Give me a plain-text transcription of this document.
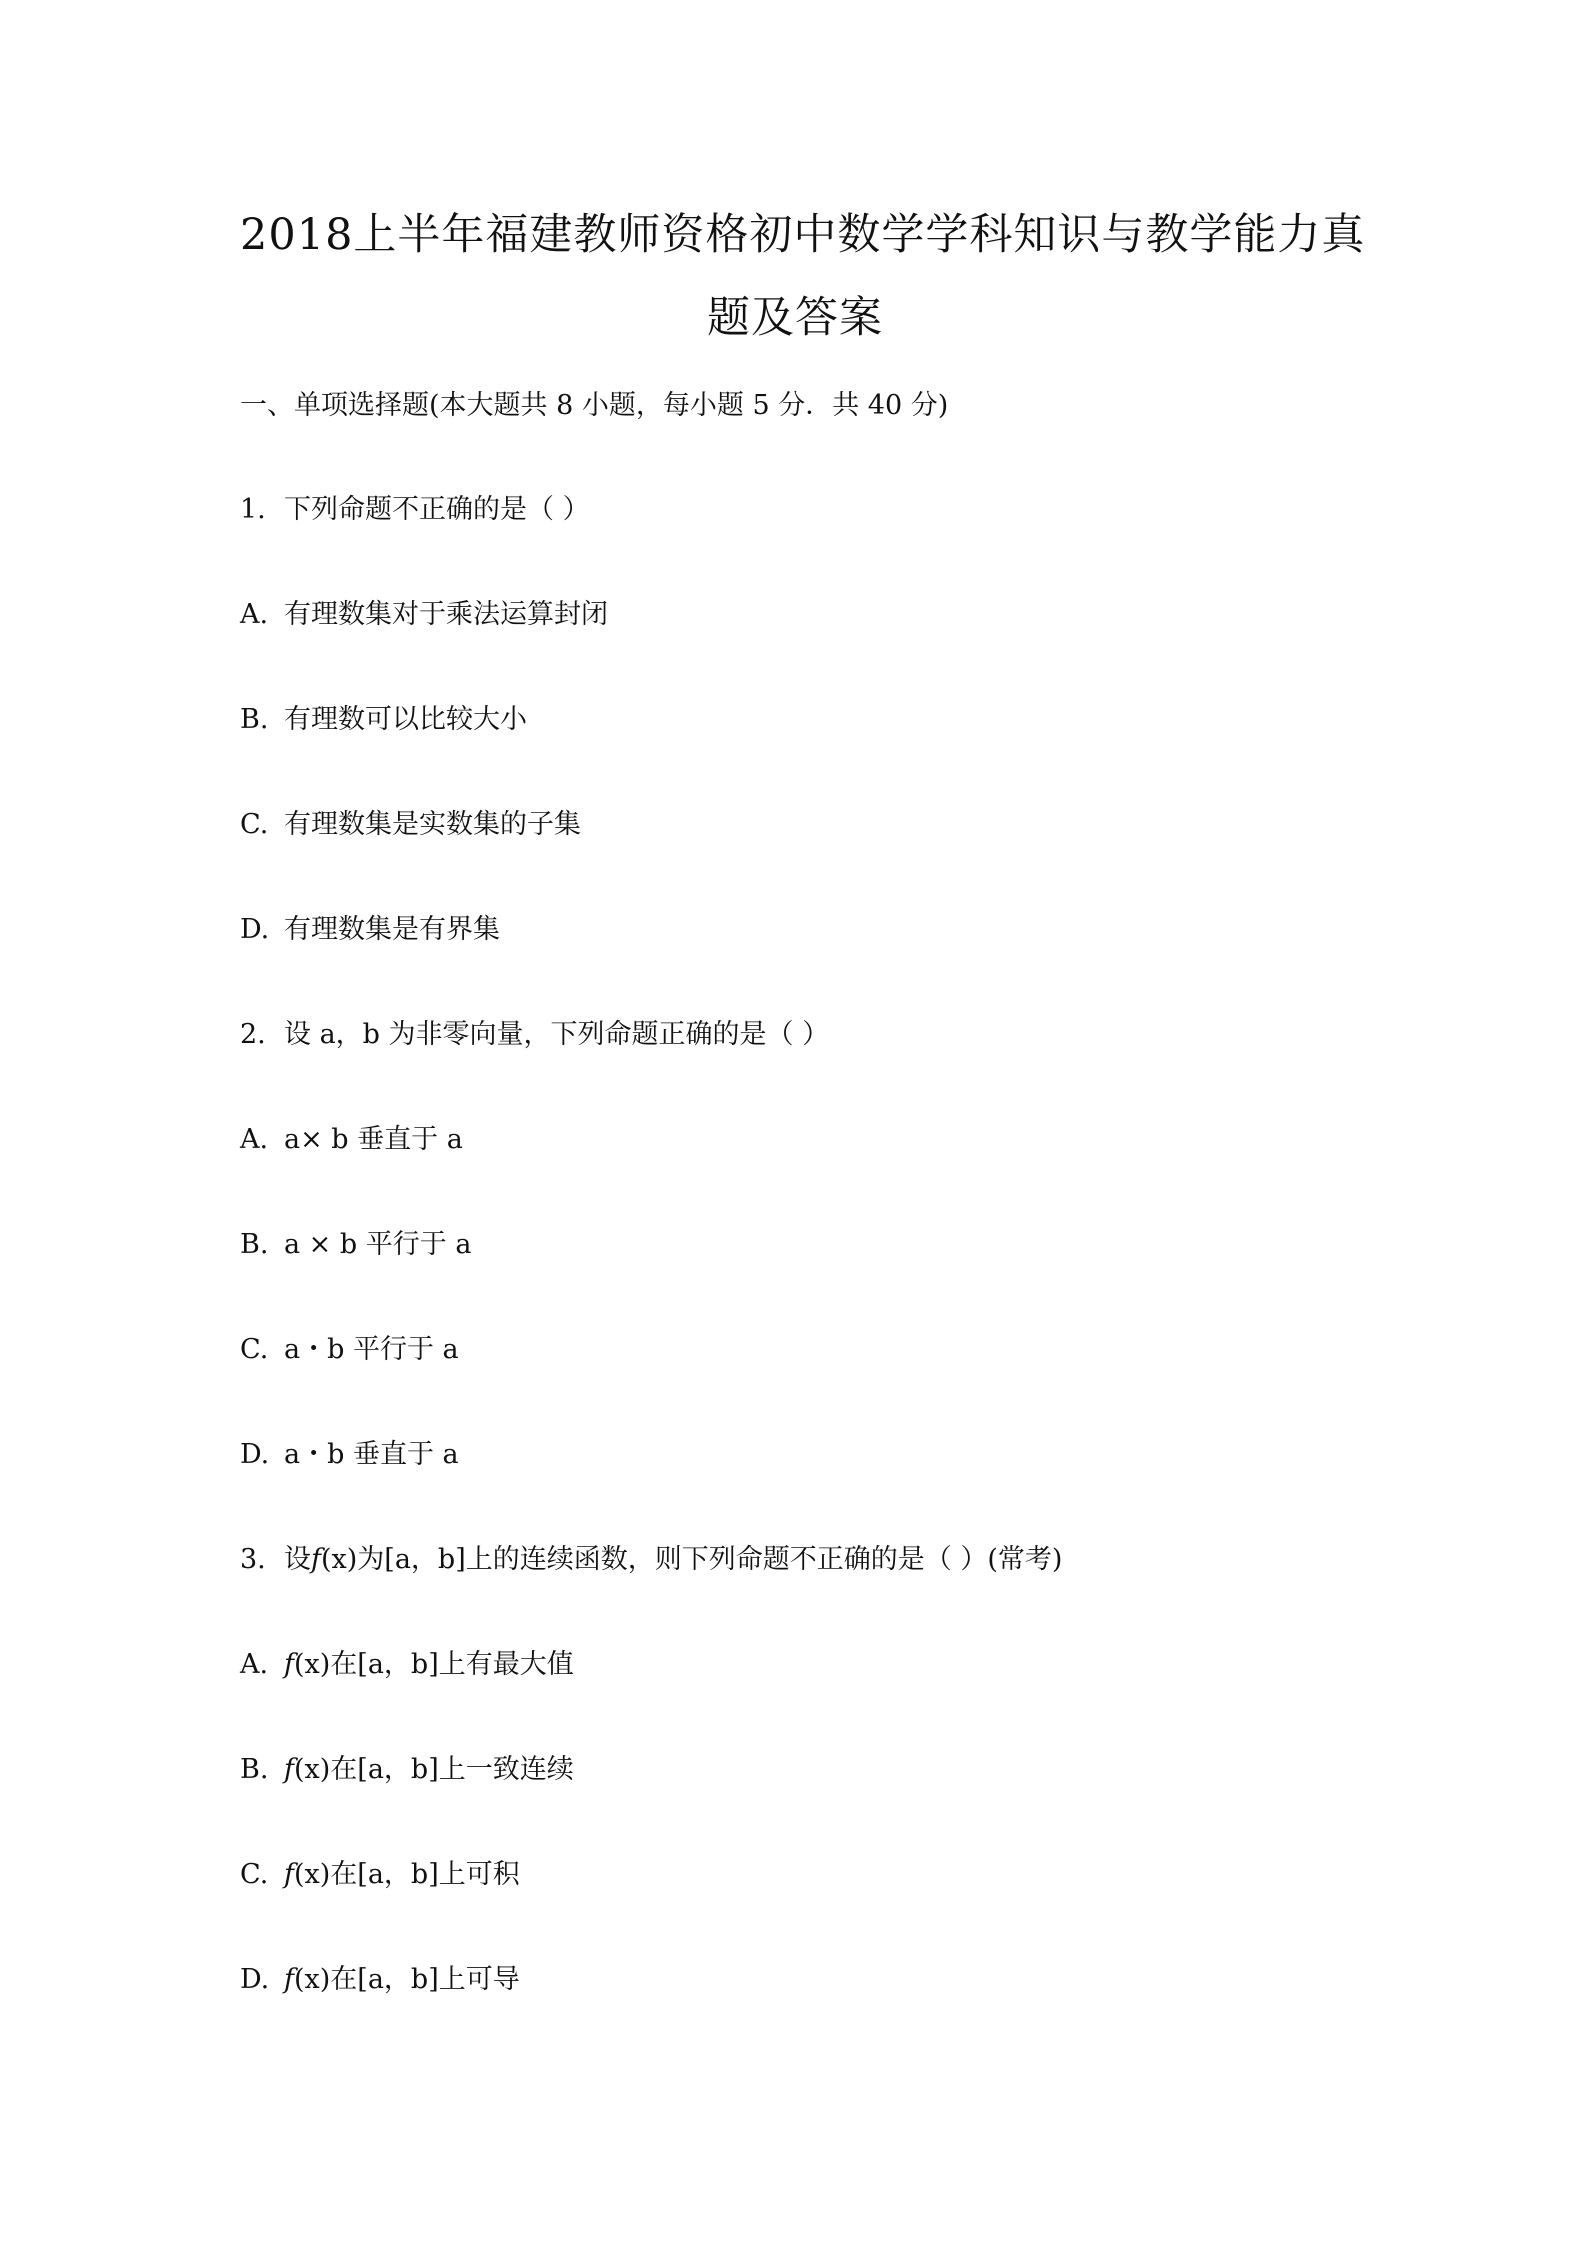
2018上半年福建教师资格初中数学学科知识与教学能力真
题及答案
一、单项选择题(本大题共 8 小题，每小题 5 分．共 40 分)
1. 下列命题不正确的是（ ）
A. 有理数集对于乘法运算封闭
B. 有理数可以比较大小
C. 有理数集是实数集的子集
D. 有理数集是有界集
2. 设 a，b 为非零向量，下列命题正确的是（ ）
A. a× b 垂直于 a
B. a × b 平行于 a
C. a・b 平行于 a
D. a・b 垂直于 a
3. 设f(x)为[a，b]上的连续函数，则下列命题不正确的是（ ）(常考)
A. f(x)在[a，b]上有最大值
B. f(x)在[a，b]上一致连续
C. f(x)在[a，b]上可积
D. f(x)在[a，b]上可导
